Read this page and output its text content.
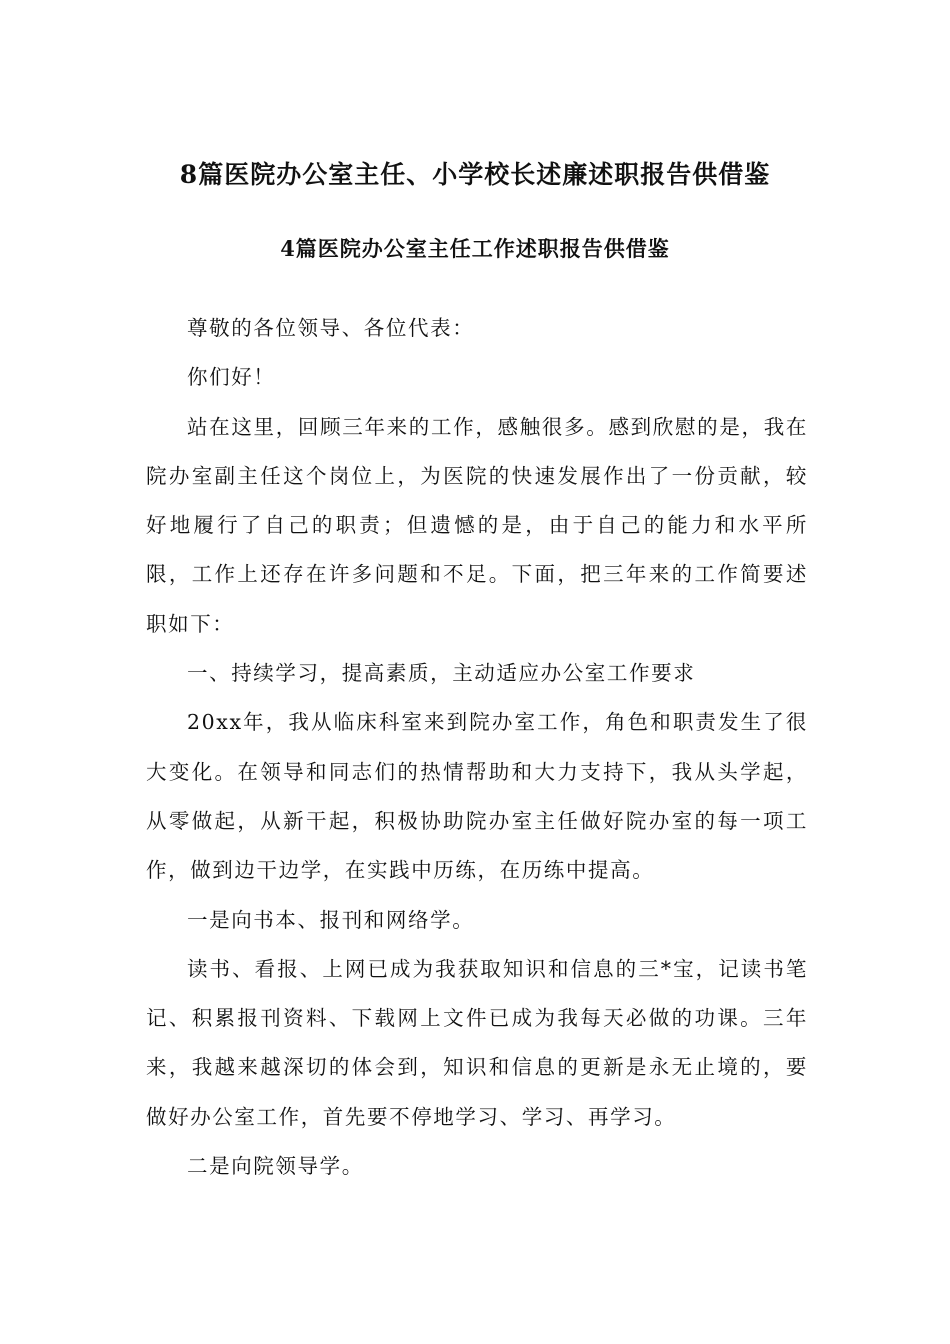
8篇医院办公室主任、小学校长述廉述职报告供借鉴
4篇医院办公室主任工作述职报告供借鉴

尊敬的各位领导、各位代表：

你们好！

站在这里，回顾三年来的工作，感触很多。感到欣慰的是，我在院办室副主任这个岗位上，为医院的快速发展作出了一份贡献，较好地履行了自己的职责；但遗憾的是，由于自己的能力和水平所限，工作上还存在许多问题和不足。下面，把三年来的工作简要述职如下：

一、持续学习，提高素质，主动适应办公室工作要求

20xx年，我从临床科室来到院办室工作，角色和职责发生了很大变化。在领导和同志们的热情帮助和大力支持下，我从头学起，从零做起，从新干起，积极协助院办室主任做好院办室的每一项工作，做到边干边学，在实践中历练，在历练中提高。

一是向书本、报刊和网络学。

读书、看报、上网已成为我获取知识和信息的三*宝，记读书笔记、积累报刊资料、下载网上文件已成为我每天必做的功课。三年来，我越来越深切的体会到，知识和信息的更新是永无止境的，要做好办公室工作，首先要不停地学习、学习、再学习。

二是向院领导学。
